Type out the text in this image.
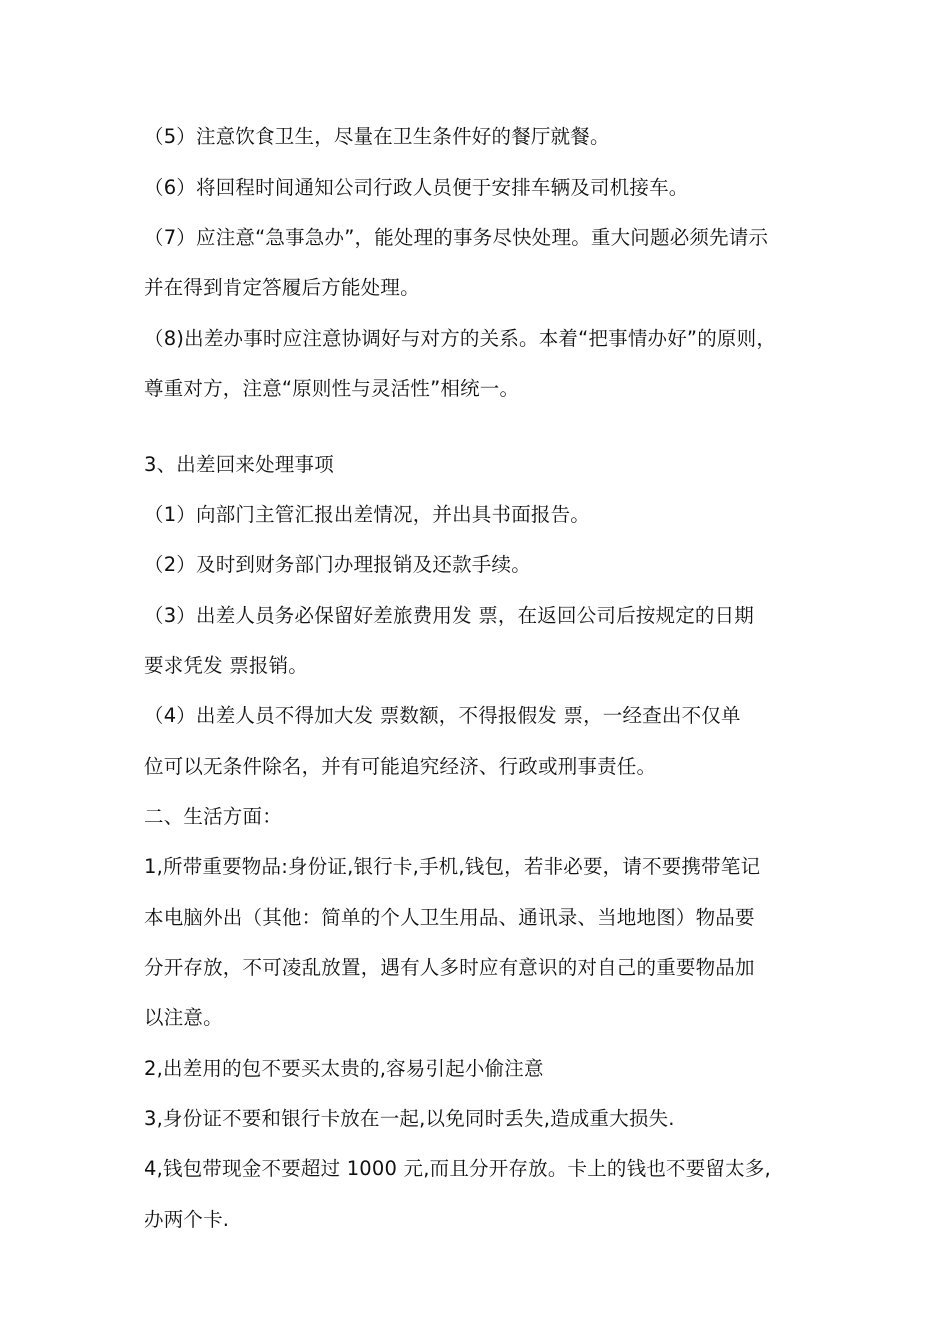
（5）注意饮食卫生，尽量在卫生条件好的餐厅就餐。
（6）将回程时间通知公司行政人员便于安排车辆及司机接车。
（7）应注意“急事急办”，能处理的事务尽快处理。重大问题必须先请示
并在得到肯定答履后方能处理。
（8)出差办事时应注意协调好与对方的关系。本着“把事情办好”的原则，
尊重对方，注意“原则性与灵活性”相统一。
3、出差回来处理事项
（1）向部门主管汇报出差情况，并出具书面报告。
（2）及时到财务部门办理报销及还款手续。
（3）出差人员务必保留好差旅费用发 票，在返回公司后按规定的日期
要求凭发 票报销。
（4）出差人员不得加大发 票数额，不得报假发 票，一经查出不仅单
位可以无条件除名，并有可能追究经济、行政或刑事责任。
二、生活方面：
1,所带重要物品:身份证,银行卡,手机,钱包，若非必要，请不要携带笔记
本电脑外出（其他：简单的个人卫生用品、通讯录、当地地图）物品要
分开存放，不可凌乱放置，遇有人多时应有意识的对自己的重要物品加
以注意。
2,出差用的包不要买太贵的,容易引起小偷注意
3,身份证不要和银行卡放在一起,以免同时丢失,造成重大损失.
4,钱包带现金不要超过 1000 元,而且分开存放。卡上的钱也不要留太多,
办两个卡.
